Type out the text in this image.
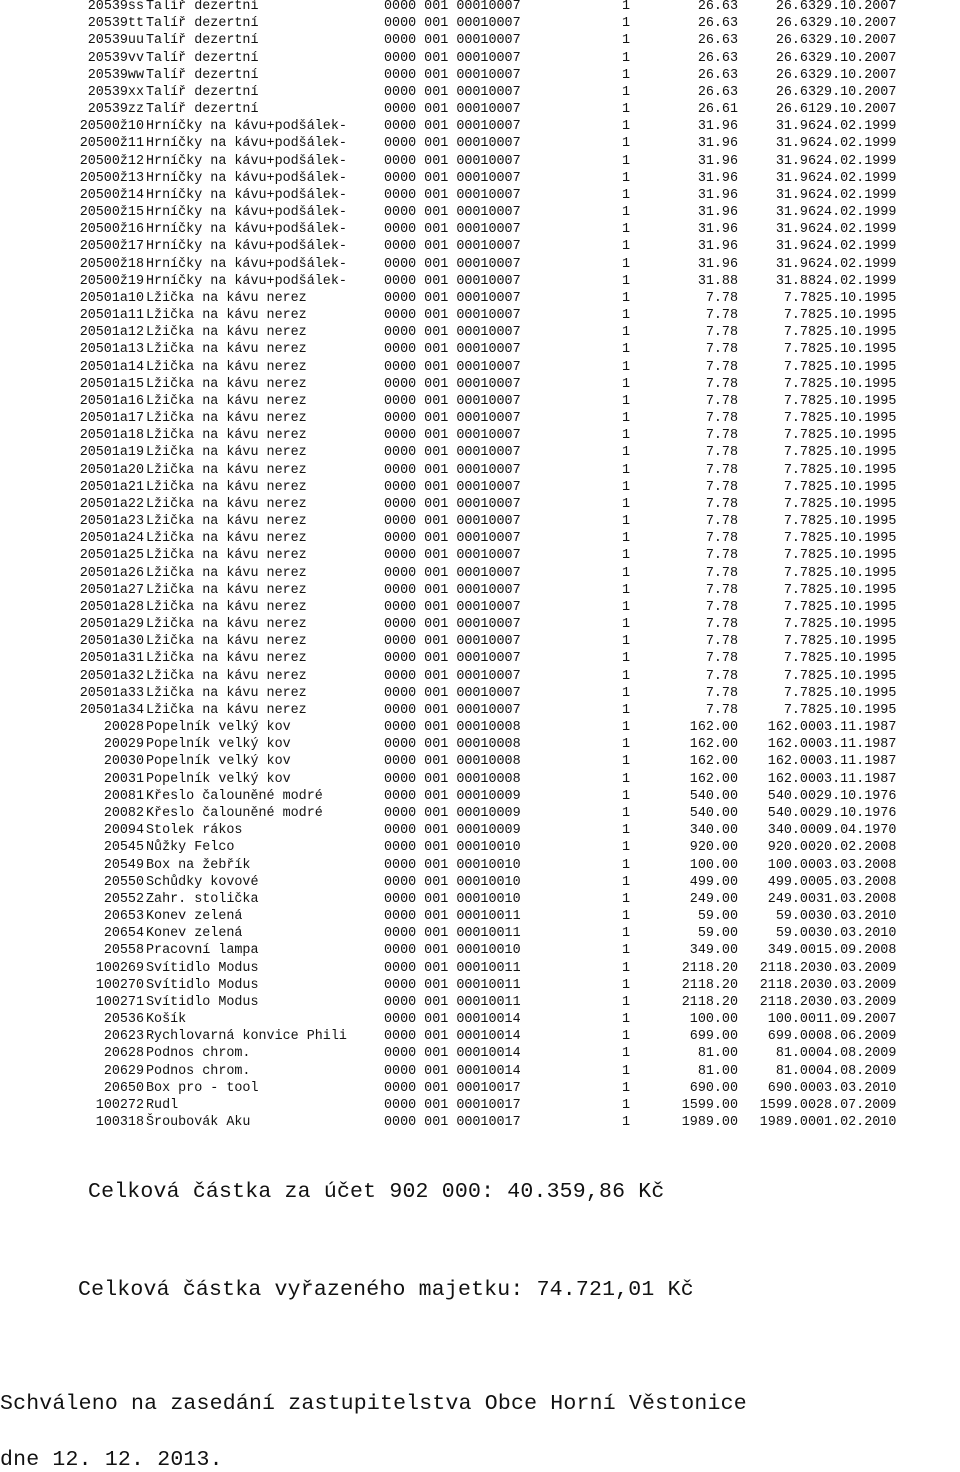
20539ss Talíř dezertní	0000 001 00010007	1	26.63	26.63 29.10.2007
20539tt Talíř dezertní	0000 001 00010007	1	26.63	26.63 29.10.2007
20539uu Talíř dezertní	0000 001 00010007	1	26.63	26.63 29.10.2007
20539vv Talíř dezertní	0000 001 00010007	1	26.63	26.63 29.10.2007
20539ww Talíř dezertní	0000 001 00010007	1	26.63	26.63 29.10.2007
20539xx Talíř dezertní	0000 001 00010007	1	26.63	26.63 29.10.2007
20539zz Talíř dezertní	0000 001 00010007	1	26.61	26.61 29.10.2007
20500ž10 Hrníčky na kávu+podšálek-	0000 001 00010007	1	31.96	31.96 24.02.1999
20500ž11 Hrníčky na kávu+podšálek-	0000 001 00010007	1	31.96	31.96 24.02.1999
20500ž12 Hrníčky na kávu+podšálek-	0000 001 00010007	1	31.96	31.96 24.02.1999
20500ž13 Hrníčky na kávu+podšálek-	0000 001 00010007	1	31.96	31.96 24.02.1999
20500ž14 Hrníčky na kávu+podšálek-	0000 001 00010007	1	31.96	31.96 24.02.1999
20500ž15 Hrníčky na kávu+podšálek-	0000 001 00010007	1	31.96	31.96 24.02.1999
20500ž16 Hrníčky na kávu+podšálek-	0000 001 00010007	1	31.96	31.96 24.02.1999
20500ž17 Hrníčky na kávu+podšálek-	0000 001 00010007	1	31.96	31.96 24.02.1999
20500ž18 Hrníčky na kávu+podšálek-	0000 001 00010007	1	31.96	31.96 24.02.1999
20500ž19 Hrníčky na kávu+podšálek-	0000 001 00010007	1	31.88	31.88 24.02.1999
20501a10 Lžička na kávu nerez	0000 001 00010007	1	7.78	7.78 25.10.1995
20501a11 Lžička na kávu nerez	0000 001 00010007	1	7.78	7.78 25.10.1995
20501a12 Lžička na kávu nerez	0000 001 00010007	1	7.78	7.78 25.10.1995
20501a13 Lžička na kávu nerez	0000 001 00010007	1	7.78	7.78 25.10.1995
20501a14 Lžička na kávu nerez	0000 001 00010007	1	7.78	7.78 25.10.1995
20501a15 Lžička na kávu nerez	0000 001 00010007	1	7.78	7.78 25.10.1995
20501a16 Lžička na kávu nerez	0000 001 00010007	1	7.78	7.78 25.10.1995
20501a17 Lžička na kávu nerez	0000 001 00010007	1	7.78	7.78 25.10.1995
20501a18 Lžička na kávu nerez	0000 001 00010007	1	7.78	7.78 25.10.1995
20501a19 Lžička na kávu nerez	0000 001 00010007	1	7.78	7.78 25.10.1995
20501a20 Lžička na kávu nerez	0000 001 00010007	1	7.78	7.78 25.10.1995
20501a21 Lžička na kávu nerez	0000 001 00010007	1	7.78	7.78 25.10.1995
20501a22 Lžička na kávu nerez	0000 001 00010007	1	7.78	7.78 25.10.1995
20501a23 Lžička na kávu nerez	0000 001 00010007	1	7.78	7.78 25.10.1995
20501a24 Lžička na kávu nerez	0000 001 00010007	1	7.78	7.78 25.10.1995
20501a25 Lžička na kávu nerez	0000 001 00010007	1	7.78	7.78 25.10.1995
20501a26 Lžička na kávu nerez	0000 001 00010007	1	7.78	7.78 25.10.1995
20501a27 Lžička na kávu nerez	0000 001 00010007	1	7.78	7.78 25.10.1995
20501a28 Lžička na kávu nerez	0000 001 00010007	1	7.78	7.78 25.10.1995
20501a29 Lžička na kávu nerez	0000 001 00010007	1	7.78	7.78 25.10.1995
20501a30 Lžička na kávu nerez	0000 001 00010007	1	7.78	7.78 25.10.1995
20501a31 Lžička na kávu nerez	0000 001 00010007	1	7.78	7.78 25.10.1995
20501a32 Lžička na kávu nerez	0000 001 00010007	1	7.78	7.78 25.10.1995
20501a33 Lžička na kávu nerez	0000 001 00010007	1	7.78	7.78 25.10.1995
20501a34 Lžička na kávu nerez	0000 001 00010007	1	7.78	7.78 25.10.1995
20028 Popelník velký kov	0000 001 00010008	1	162.00 162.00 03.11.1987
20029 Popelník velký kov	0000 001 00010008	1	162.00 162.00 03.11.1987
20030 Popelník velký kov	0000 001 00010008	1	162.00 162.00 03.11.1987
20031 Popelník velký kov	0000 001 00010008	1	162.00 162.00 03.11.1987
20081 Křeslo čalouněné modré	0000 001 00010009	1	540.00 540.00 29.10.1976
20082 Křeslo čalouněné modré	0000 001 00010009	1	540.00 540.00 29.10.1976
20094 Stolek rákos	0000 001 00010009	1	340.00 340.00 09.04.1970
20545 Nůžky Felco	0000 001 00010010	1	920.00 920.00 20.02.2008
20549 Box na žebřík	0000 001 00010010	1	100.00 100.00 03.03.2008
20550 Schůdky kovové	0000 001 00010010	1	499.00 499.00 05.03.2008
20552 Zahr. stolička	0000 001 00010010	1	249.00 249.00 31.03.2008
20653 Konev zelená	0000 001 00010011	1	59.00	59.00 30.03.2010
20654 Konev zelená	0000 001 00010011	1	59.00	59.00 30.03.2010
20558 Pracovní lampa	0000 001 00010010	1	349.00 349.00 15.09.2008
100269 Svítidlo Modus	0000 001 00010011	1	2118.20 2118.20 30.03.2009
100270 Svítidlo Modus	0000 001 00010011	1	2118.20 2118.20 30.03.2009
100271 Svítidlo Modus	0000 001 00010011	1	2118.20 2118.20 30.03.2009
20536 Košík	0000 001 00010014	1	100.00 100.00 11.09.2007
20623 Rychlovarná konvice Phili	0000 001 00010014	1	699.00 699.00 08.06.2009
20628 Podnos chrom.	0000 001 00010014	1	81.00	81.00 04.08.2009
20629 Podnos chrom.	0000 001 00010014	1	81.00	81.00 04.08.2009
20650 Box pro - tool	0000 001 00010017	1	690.00 690.00 03.03.2010
100272 Rudl	0000 001 00010017	1	1599.00 1599.00 28.07.2009
100318 Šroubovák Aku	0000 001 00010017	1	1989.00 1989.00 01.02.2010
Celková částka za účet 902 000: 40.359,86 Kč
Celková částka vyřazeného majetku: 74.721,01 Kč
Schváleno na zasedání zastupitelstva Obce Horní Věstonice
dne 12. 12. 2013.
